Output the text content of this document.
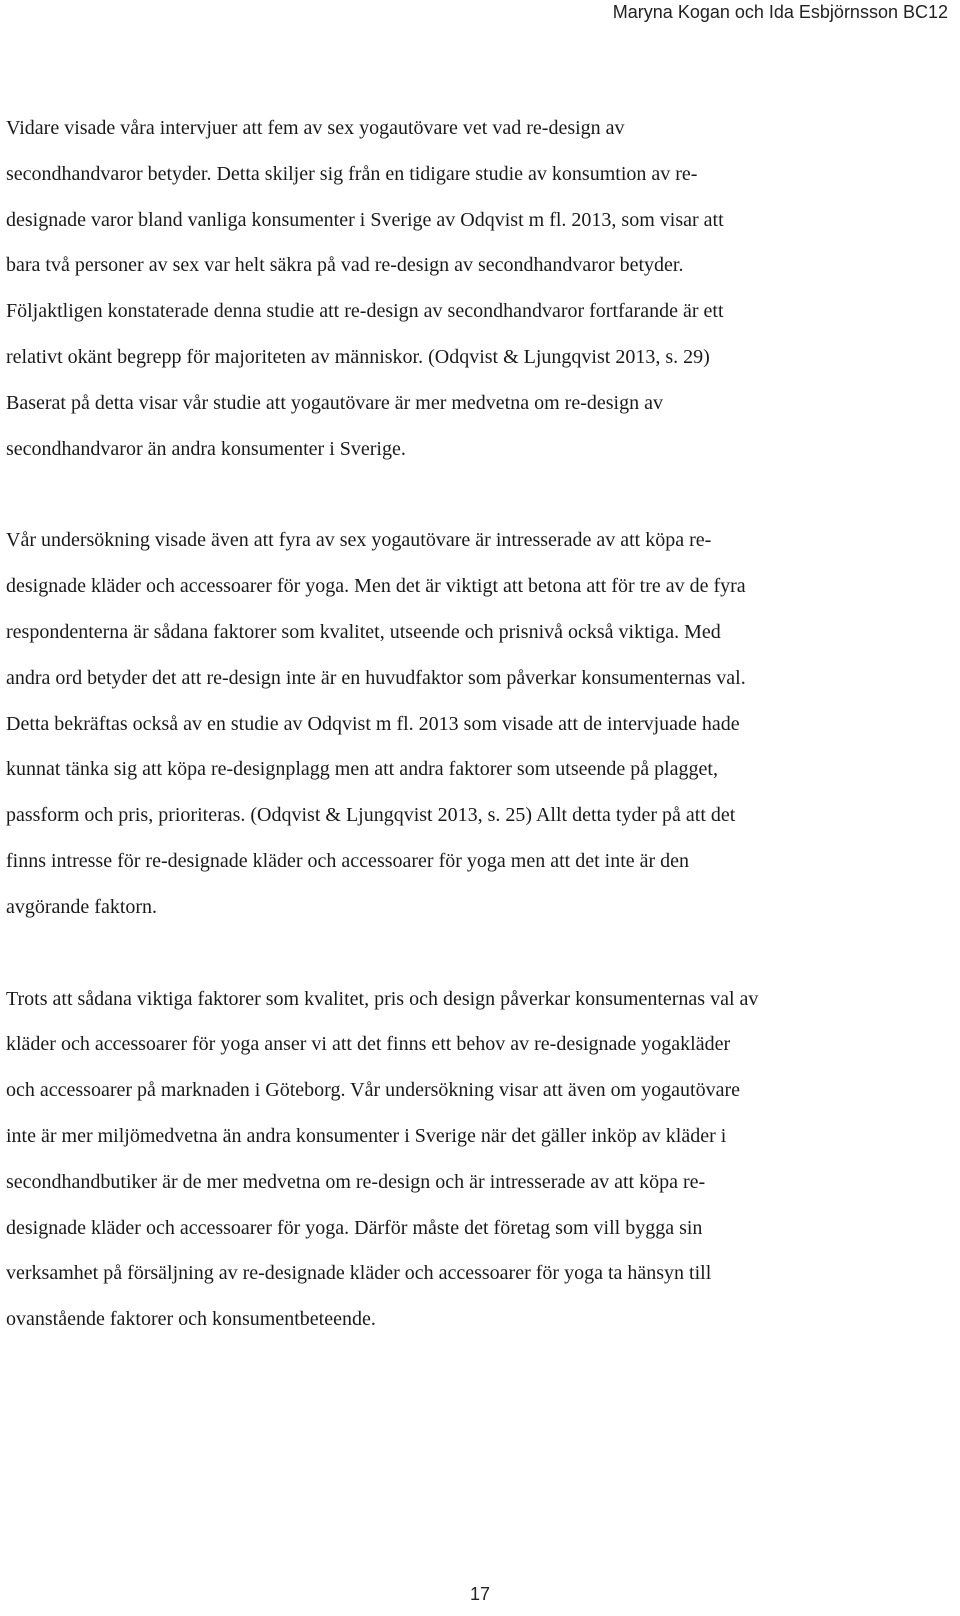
Maryna Kogan och Ida Esbjörnsson BC12

Vidare visade våra intervjuer att fem av sex yogautövare vet vad re-design av
secondhandvaror betyder. Detta skiljer sig från en tidigare studie av konsumtion av re-
designade varor bland vanliga konsumenter i Sverige av Odqvist m fl. 2013, som visar att
bara två personer av sex var helt säkra på vad re-design av secondhandvaror betyder.
Följaktligen konstaterade denna studie att re-design av secondhandvaror fortfarande är ett
relativt okänt begrepp för majoriteten av människor. (Odqvist & Ljungqvist 2013, s. 29)
Baserat på detta visar vår studie att yogautövare är mer medvetna om re-design av
secondhandvaror än andra konsumenter i Sverige.

Vår undersökning visade även att fyra av sex yogautövare är intresserade av att köpa re-
designade kläder och accessoarer för yoga. Men det är viktigt att betona att för tre av de fyra
respondenterna är sådana faktorer som kvalitet, utseende och prisnivå också viktiga. Med
andra ord betyder det att re-design inte är en huvudfaktor som påverkar konsumenternas val.
Detta bekräftas också av en studie av Odqvist m fl. 2013 som visade att de intervjuade hade
kunnat tänka sig att köpa re-designplagg men att andra faktorer som utseende på plagget,
passform och pris, prioriteras. (Odqvist & Ljungqvist 2013, s. 25) Allt detta tyder på att det
finns intresse för re-designade kläder och accessoarer för yoga men att det inte är den
avgörande faktorn.

Trots att sådana viktiga faktorer som kvalitet, pris och design påverkar konsumenternas val av
kläder och accessoarer för yoga anser vi att det finns ett behov av re-designade yogakläder
och accessoarer på marknaden i Göteborg. Vår undersökning visar att även om yogautövare
inte är mer miljömedvetna än andra konsumenter i Sverige när det gäller inköp av kläder i
secondhandbutiker är de mer medvetna om re-design och är intresserade av att köpa re-
designade kläder och accessoarer för yoga. Därför måste det företag som vill bygga sin
verksamhet på försäljning av re-designade kläder och accessoarer för yoga ta hänsyn till
ovanstående faktorer och konsumentbeteende.

17
